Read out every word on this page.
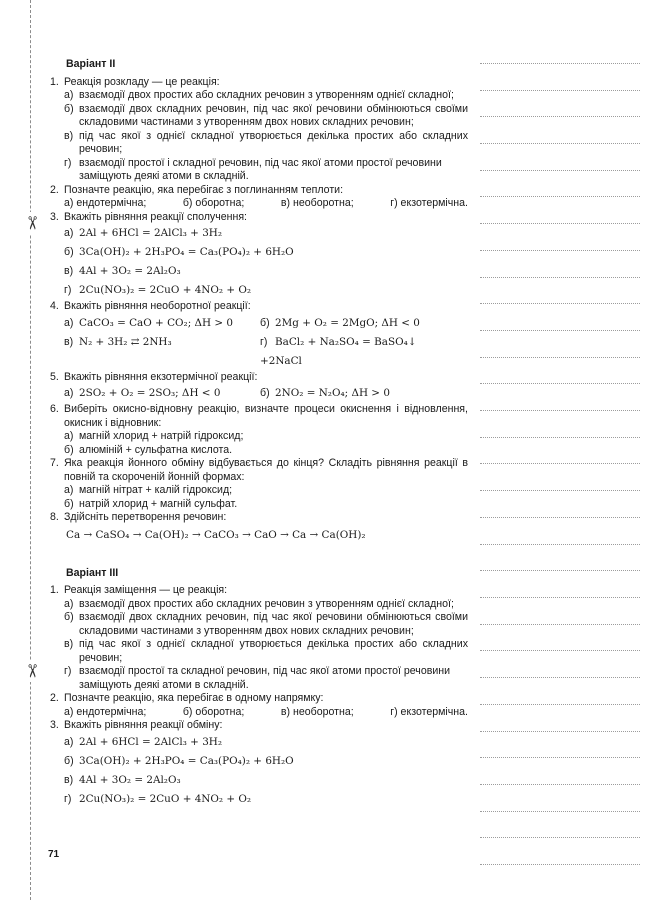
✂
✂
Варіант ІІ
1. Реакція розкладу — це реакція:
а) взаємодії двох простих або складних речовин з утворенням однієї складної;
б) взаємодії двох складних речовин, під час якої речовини обмінюються своїми складовими частинами з утворенням двох нових складних речовин;
в) під час якої з однієї складної утворюється декілька простих або складних речовин;
г) взаємодії простої і складної речовин, під час якої атоми простої речовини заміщують деякі атоми в складній.
2. Позначте реакцію, яка перебігає з поглинанням теплоти:
а) ендотермічна;	б) оборотна;	в) необоротна;	г) екзотермічна.
3. Вкажіть рівняння реакції сполучення:
а) 2Al + 6HCl = 2AlCl₃ + 3H₂
б) 3Ca(OH)₂ + 2H₃PO₄ = Ca₃(PO₄)₂ + 6H₂O
в) 4Al + 3O₂ = 2Al₂O₃
г) 2Cu(NO₃)₂ = 2CuO + 4NO₂ + O₂
4. Вкажіть рівняння необоротної реакції:
а) CaCO₃ = CaO + CO₂; ΔH > 0	б) 2Mg + O₂ = 2MgO; ΔH < 0
в) N₂ + 3H₂ ⇄ 2NH₃	г) BaCl₂ + Na₂SO₄ = BaSO₄↓ +2NaCl
5. Вкажіть рівняння екзотермічної реакції:
а) 2SO₂ + O₂ = 2SO₃; ΔH < 0	б) 2NO₂ = N₂O₄; ΔH > 0
6. Виберіть окисно-відновну реакцію, визначте процеси окиснення і відновлення, окисник і відновник:
а) магній хлорид + натрій гідроксид;
б) алюміній + сульфатна кислота.
7. Яка реакція йонного обміну відбувається до кінця? Складіть рівняння реакції в повній та скороченій йонній формах:
а) магній нітрат + калій гідроксид;
б) натрій хлорид + магній сульфат.
8. Здійсніть перетворення речовин:
Ca → CaSO₄ → Ca(OH)₂ → CaCO₃ → CaO → Ca → Ca(OH)₂
Варіант ІІІ
1. Реакція заміщення — це реакція:
а) взаємодії двох простих або складних речовин з утворенням однієї складної;
б) взаємодії двох складних речовин, під час якої речовини обмінюються своїми складовими частинами з утворенням двох нових складних речовин;
в) під час якої з однієї складної утворюється декілька простих або складних речовин;
г) взаємодії простої та складної речовин, під час якої атоми простої речовини заміщують деякі атоми в складній.
2. Позначте реакцію, яка перебігає в одному напрямку:
а) ендотермічна;	б) оборотна;	в) необоротна;	г) екзотермічна.
3. Вкажіть рівняння реакції обміну:
а) 2Al + 6HCl = 2AlCl₃ + 3H₂
б) 3Ca(OH)₂ + 2H₃PO₄ = Ca₃(PO₄)₂ + 6H₂O
в) 4Al + 3O₂ = 2Al₂O₃
г) 2Cu(NO₃)₂ = 2CuO + 4NO₂ + O₂
71
